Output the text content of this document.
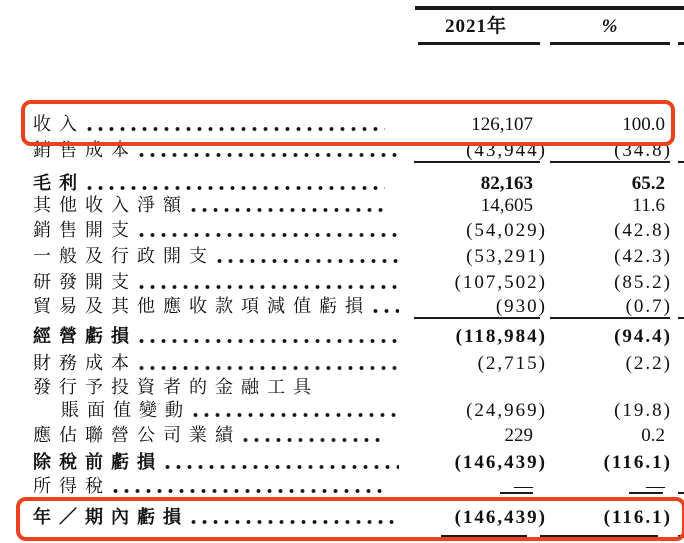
2021年	%
收入	126,107	100.0
銷售成本	(43,944)	(34.8)
毛利	82,163	65.2
其他收入淨額	14,605	11.6
銷售開支	(54,029)	(42.8)
一般及行政開支	(53,291)	(42.3)
研發開支	(107,502)	(85.2)
貿易及其他應收款項減值虧損	(930)	(0.7)
經營虧損	(118,984)	(94.4)
財務成本	(2,715)	(2.2)
發行予投資者的金融工具
賬面值變動	(24,969)	(19.8)
應佔聯營公司業績	229	0.2
除稅前虧損	(146,439)	(116.1)
所得稅	—	—
年／期內虧損	(146,439)	(116.1)
